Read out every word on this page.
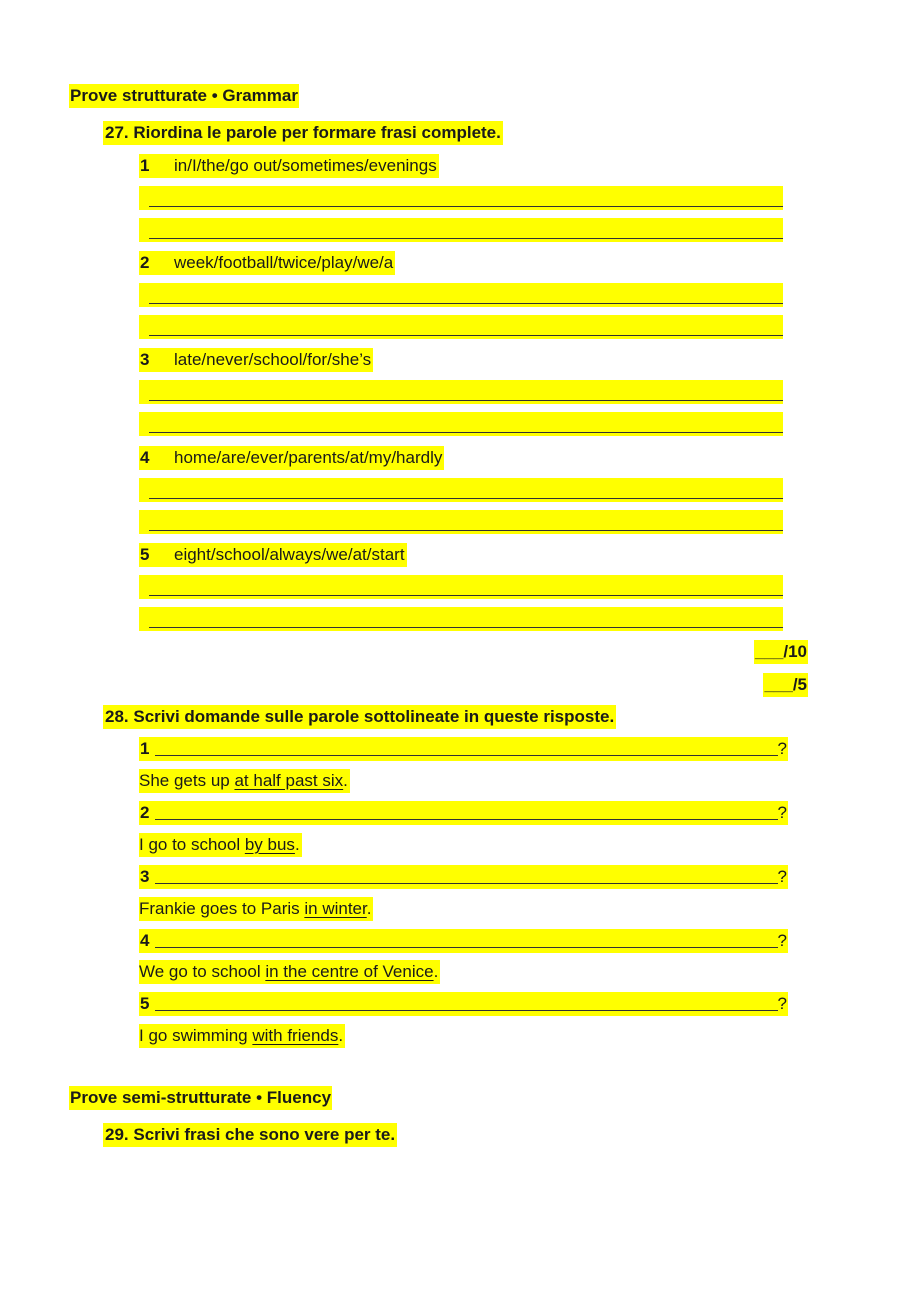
Prove strutturate • Grammar
27. Riordina le parole per formare frasi complete.
1 in/I/the/go out/sometimes/evenings
2 week/football/twice/play/we/a
3 late/never/school/for/she’s
4 home/are/ever/parents/at/my/hardly
5 eight/school/always/we/at/start
___/10
___/5
28. Scrivi domande sulle parole sottolineate in queste risposte.
1	?
She gets up at half past six.
2	?
I go to school by bus.
3	?
Frankie goes to Paris in winter.
4	?
We go to school in the centre of Venice.
5	?
I go swimming with friends.
Prove semi-strutturate • Fluency
29. Scrivi frasi che sono vere per te.
